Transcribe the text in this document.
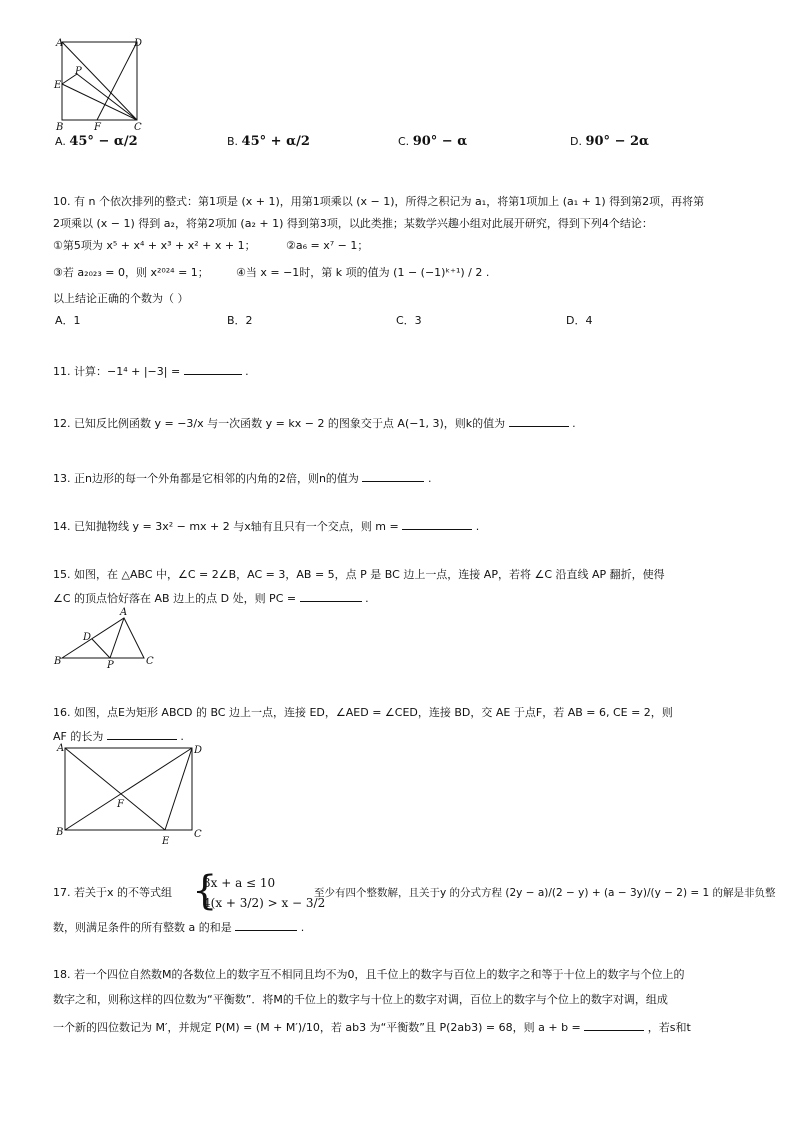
A	D
E
P
B	F	C
A. 45° − α/2	B. 45° + α/2	C. 90° − α	D. 90° − 2α
10. 有 n 个依次排列的整式：第1项是 (x + 1)，用第1项乘以 (x − 1)，所得之积记为 a₁，将第1项加上 (a₁ + 1) 得到第2项，再将第
2项乘以 (x − 1) 得到 a₂，将第2项加 (a₂ + 1) 得到第3项，以此类推；某数学兴趣小组对此展开研究，得到下列4个结论：
①第5项为 x⁵ + x⁴ + x³ + x² + x + 1；	②a₆ = x⁷ − 1；
③若 a₂₀₂₃ = 0，则 x²⁰²⁴ = 1； ④当 x = −1时，第 k 项的值为 (1 − (−1)ᵏ⁺¹) / 2 .
以上结论正确的个数为（ ）
A．1	B．2	C．3	D．4
11. 计算：−1⁴ + |−3| =	.
12. 已知反比例函数 y = −3/x 与一次函数 y = kx − 2 的图象交于点 A(−1, 3)，则k的值为	.
13. 正n边形的每一个外角都是它相邻的内角的2倍，则n的值为	.
14. 已知抛物线 y = 3x² − mx + 2 与x轴有且只有一个交点，则 m =	.
15. 如图，在 △ABC 中，∠C = 2∠B，AC = 3，AB = 5，点 P 是 BC 边上一点，连接 AP，若将 ∠C 沿直线 AP 翻折，使得
∠C 的顶点恰好落在 AB 边上的点 D 处，则 PC =	.
A
D
B	P	C
16. 如图，点E为矩形 ABCD 的 BC 边上一点，连接 ED，∠AED = ∠CED，连接 BD，交 AE 于点F，若 AB = 6, CE = 2，则
AF 的长为	.
A	D
F
B
E
C
17. 若关于x 的不等式组 {
3x + a ≤ 10
4(x + 3/2) > x − 3/2
至少有四个整数解，且关于y 的分式方程 (2y − a)/(2 − y) + (a − 3y)/(y − 2) = 1 的解是非负整
数，则满足条件的所有整数 a 的和是	.
18. 若一个四位自然数M的各数位上的数字互不相同且均不为0，且千位上的数字与百位上的数字之和等于十位上的数字与个位上的
数字之和，则称这样的四位数为“平衡数”．将M的千位上的数字与十位上的数字对调，百位上的数字与个位上的数字对调，组成
一个新的四位数记为 M′，并规定 P(M) = (M + M′)/10，若 ab3 为“平衡数”且 P(2ab3) = 68，则 a + b =	，若s和t
